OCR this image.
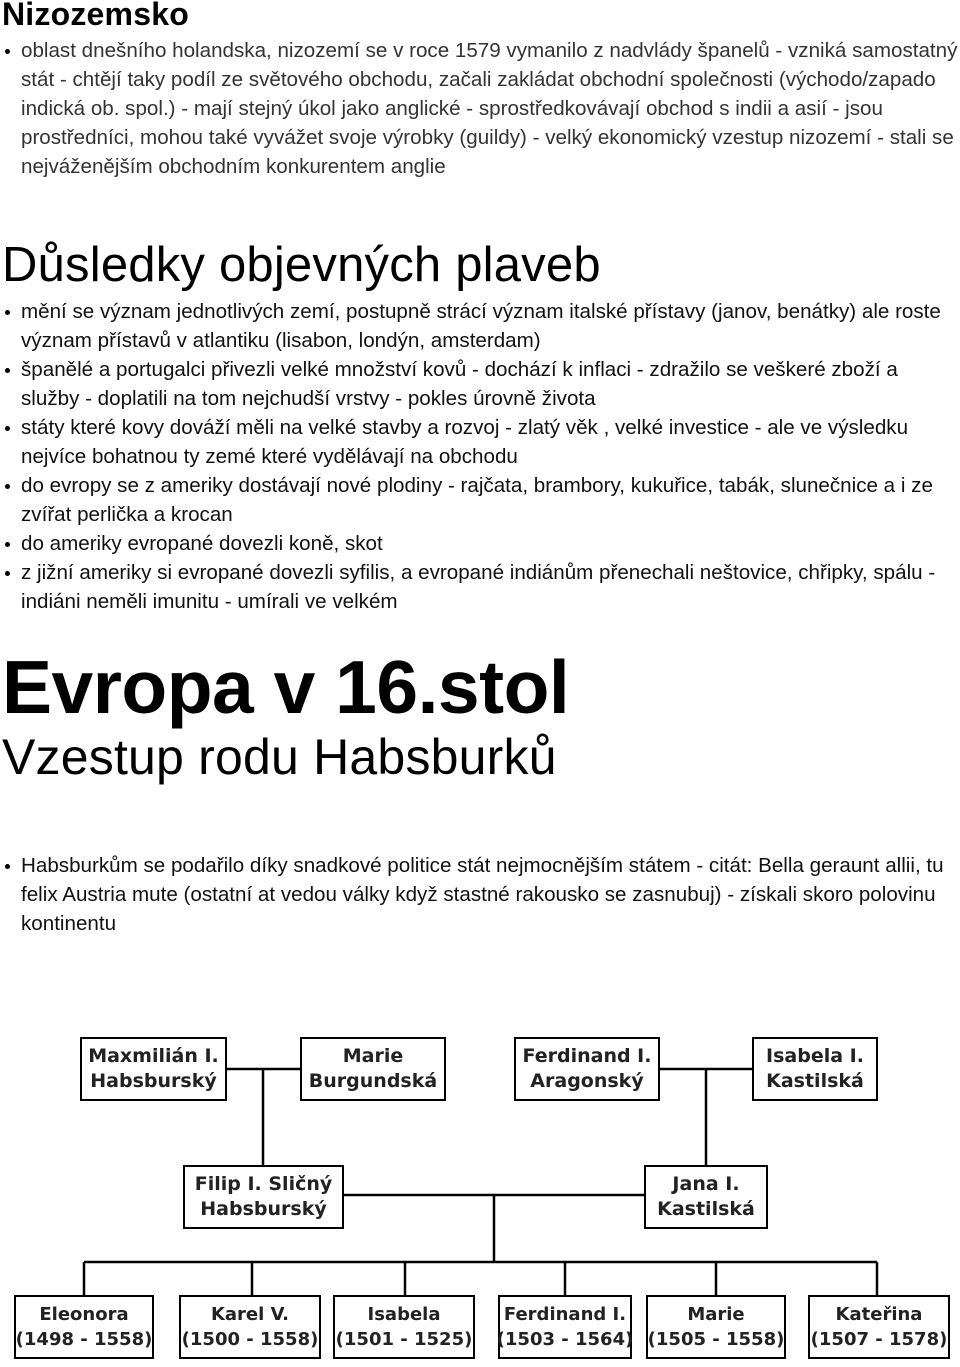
Nizozemsko
oblast dnešního holandska, nizozemí se v roce 1579 vymanilo z nadvlády španelů - vzniká samostatný stát - chtějí taky podíl ze světového obchodu, začali zakládat obchodní společnosti (východo/zapado indická ob. spol.) - mají stejný úkol jako anglické - sprostředkovávají obchod s indii a asií - jsou prostředníci, mohou také vyvážet svoje výrobky (guildy) - velký ekonomický vzestup nizozemí - stali se nejváženějším obchodním konkurentem anglie
Důsledky objevných plaveb
mění se význam jednotlivých zemí, postupně strácí význam italské přístavy (janov, benátky) ale roste význam přístavů v atlantiku (lisabon, londýn, amsterdam)
španělé a portugalci přivezli velké množství kovů - dochází k inflaci - zdražilo se veškeré zboží a služby - doplatili na tom nejchudší vrstvy - pokles úrovně života
státy které kovy dováží měli na velké stavby a rozvoj - zlatý věk , velké investice - ale ve výsledku nejvíce bohatnou ty zemé které vydělávají na obchodu
do evropy se z ameriky dostávají nové plodiny - rajčata, brambory, kukuřice, tabák, slunečnice a i ze zvířat perlička a krocan
do ameriky evropané dovezli koně, skot
z jižní ameriky si evropané dovezli syfilis, a evropané indiánům přenechali neštovice, chřipky, spálu - indiáni neměli imunitu - umírali ve velkém
Evropa v 16.stol
Vzestup rodu Habsburků
Habsburkům se podařilo díky snadkové politice stát nejmocnějším státem - citát: Bella geraunt allii, tu felix Austria mute (ostatní at vedou války když stastné rakousko se zasnubuj) - získali skoro polovinu kontinentu
Maxmilián I.
Habsburský
Marie
Burgundská
Ferdinand I.
Aragonský
Isabela I.
Kastilská
Filip I. Sličný
Habsburský
Jana I.
Kastilská
Eleonora
(1498 - 1558)
Karel V.
(1500 - 1558)
Isabela
(1501 - 1525)
Ferdinand I.
(1503 - 1564)
Marie
(1505 - 1558)
Kateřina
(1507 - 1578)
